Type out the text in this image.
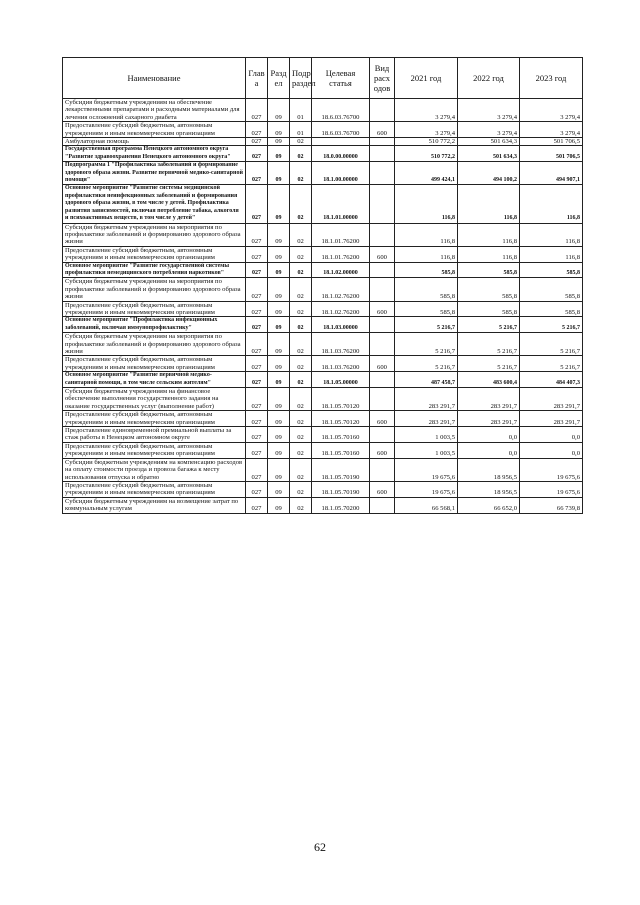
Наименование	Глав а	Разд ел	Подр раздел	Целевая статья	Вид расх одов	2021 год	2022 год	2023 год
Субсидия бюджетным учреждениям на обеспечение лекарственными препаратами и расходными материалами для лечения осложнений сахарного диабета	027	09	01	18.6.03.76700		3 279,4	3 279,4	3 279,4
Предоставление субсидий бюджетным, автономным учреждениям и иным некоммерческим организациям	027	09	01	18.6.03.76700	600	3 279,4	3 279,4	3 279,4
Амбулаторная помощь	027	09	02			510 772,2	501 634,3	501 706,5
Государственная программа Ненецкого автономного округа "Развитие здравоохранения Ненецкого автономного округа"	027	09	02	18.0.00.00000		510 772,2	501 634,3	501 706,5
Подпрограмма 1 "Профилактика заболеваний и формирование здорового образа жизни. Развитие первичной медико-санитарной помощи"	027	09	02	18.1.00.00000		499 424,1	494 100,2	494 907,1
Основное мероприятие "Развитие системы медицинской профилактики неинфекционных заболеваний и формирования здорового образа жизни, в том числе у детей. Профилактика развития зависимостей, включая потребление табака, алкоголя и психоактивных веществ, в том числе у детей"	027	09	02	18.1.01.00000		116,8	116,8	116,8
Субсидия бюджетным учреждениям на мероприятия по профилактике заболеваний и формированию здорового образа жизни	027	09	02	18.1.01.76200		116,8	116,8	116,8
Предоставление субсидий бюджетным, автономным учреждениям и иным некоммерческим организациям	027	09	02	18.1.01.76200	600	116,8	116,8	116,8
Основное мероприятие "Развитие государственной системы профилактики немедицинского потребления наркотиков"	027	09	02	18.1.02.00000		585,8	585,8	585,8
Субсидия бюджетным учреждениям на мероприятия по профилактике заболеваний и формированию здорового образа жизни	027	09	02	18.1.02.76200		585,8	585,8	585,8
Предоставление субсидий бюджетным, автономным учреждениям и иным некоммерческим организациям	027	09	02	18.1.02.76200	600	585,8	585,8	585,8
Основное мероприятие "Профилактика инфекционных заболеваний, включая иммунопрофилактику"	027	09	02	18.1.03.00000		5 216,7	5 216,7	5 216,7
Субсидия бюджетным учреждениям на мероприятия по профилактике заболеваний и формированию здорового образа жизни	027	09	02	18.1.03.76200		5 216,7	5 216,7	5 216,7
Предоставление субсидий бюджетным, автономным учреждениям и иным некоммерческим организациям	027	09	02	18.1.03.76200	600	5 216,7	5 216,7	5 216,7
Основное мероприятие "Развитие первичной медико-санитарной помощи, в том числе сельским жителям"	027	09	02	18.1.05.00000		487 458,7	483 600,4	484 407,3
Субсидия бюджетным учреждениям на финансовое обеспечение выполнения государственного задания на оказание государственных услуг (выполнение работ)	027	09	02	18.1.05.70120		283 291,7	283 291,7	283 291,7
Предоставление субсидий бюджетным, автономным учреждениям и иным некоммерческим организациям	027	09	02	18.1.05.70120	600	283 291,7	283 291,7	283 291,7
Предоставление единовременной премиальной выплаты за стаж работы в Ненецком автономном округе	027	09	02	18.1.05.70160		1 003,5	0,0	0,0
Предоставление субсидий бюджетным, автономным учреждениям и иным некоммерческим организациям	027	09	02	18.1.05.70160	600	1 003,5	0,0	0,0
Субсидии бюджетным учреждениям на компенсацию расходов на оплату стоимости проезда и провоза багажа к месту использования отпуска и обратно	027	09	02	18.1.05.70190		19 675,6	18 956,5	19 675,6
Предоставление субсидий бюджетным, автономным учреждениям и иным некоммерческим организациям	027	09	02	18.1.05.70190	600	19 675,6	18 956,5	19 675,6
Субсидия бюджетным учреждениям на возмещение затрат по коммунальным услугам	027	09	02	18.1.05.70200		66 568,1	66 652,0	66 739,8
62
